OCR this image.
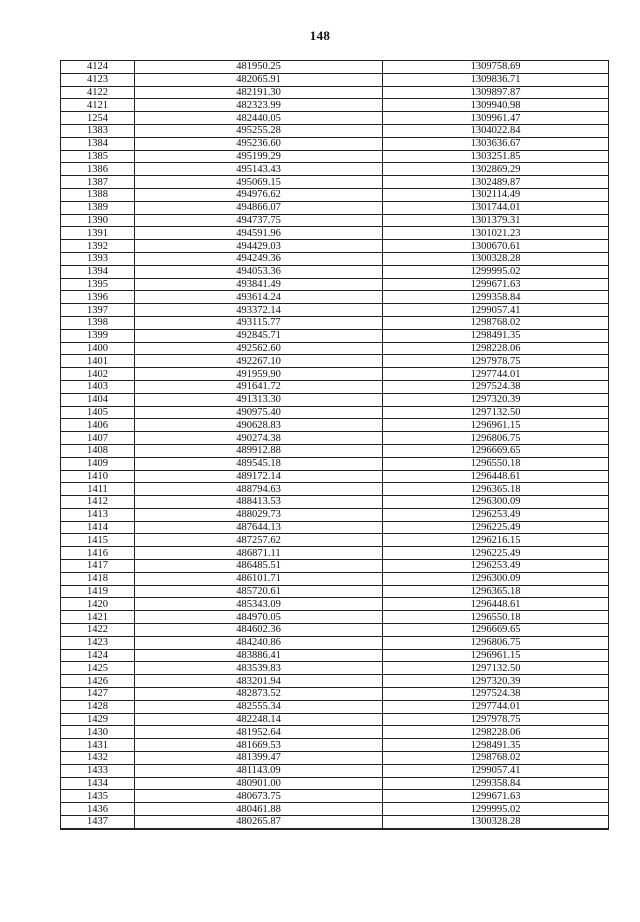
148
4124	481950.25	1309758.69
4123	482065.91	1309836.71
4122	482191.30	1309897.87
4121	482323.99	1309940.98
1254	482440.05	1309961.47
1383	495255.28	1304022.84
1384	495236.60	1303636.67
1385	495199.29	1303251.85
1386	495143.43	1302869.29
1387	495069.15	1302489.87
1388	494976.62	1302114.49
1389	494866.07	1301744.01
1390	494737.75	1301379.31
1391	494591.96	1301021.23
1392	494429.03	1300670.61
1393	494249.36	1300328.28
1394	494053.36	1299995.02
1395	493841.49	1299671.63
1396	493614.24	1299358.84
1397	493372.14	1299057.41
1398	493115.77	1298768.02
1399	492845.71	1298491.35
1400	492562.60	1298228.06
1401	492267.10	1297978.75
1402	491959.90	1297744.01
1403	491641.72	1297524.38
1404	491313.30	1297320.39
1405	490975.40	1297132.50
1406	490628.83	1296961.15
1407	490274.38	1296806.75
1408	489912.88	1296669.65
1409	489545.18	1296550.18
1410	489172.14	1296448.61
1411	488794.63	1296365.18
1412	488413.53	1296300.09
1413	488029.73	1296253.49
1414	487644.13	1296225.49
1415	487257.62	1296216.15
1416	486871.11	1296225.49
1417	486485.51	1296253.49
1418	486101.71	1296300.09
1419	485720.61	1296365.18
1420	485343.09	1296448.61
1421	484970.05	1296550.18
1422	484602.36	1296669.65
1423	484240.86	1296806.75
1424	483886.41	1296961.15
1425	483539.83	1297132.50
1426	483201.94	1297320.39
1427	482873.52	1297524.38
1428	482555.34	1297744.01
1429	482248.14	1297978.75
1430	481952.64	1298228.06
1431	481669.53	1298491.35
1432	481399.47	1298768.02
1433	481143.09	1299057.41
1434	480901.00	1299358.84
1435	480673.75	1299671.63
1436	480461.88	1299995.02
1437	480265.87	1300328.28
